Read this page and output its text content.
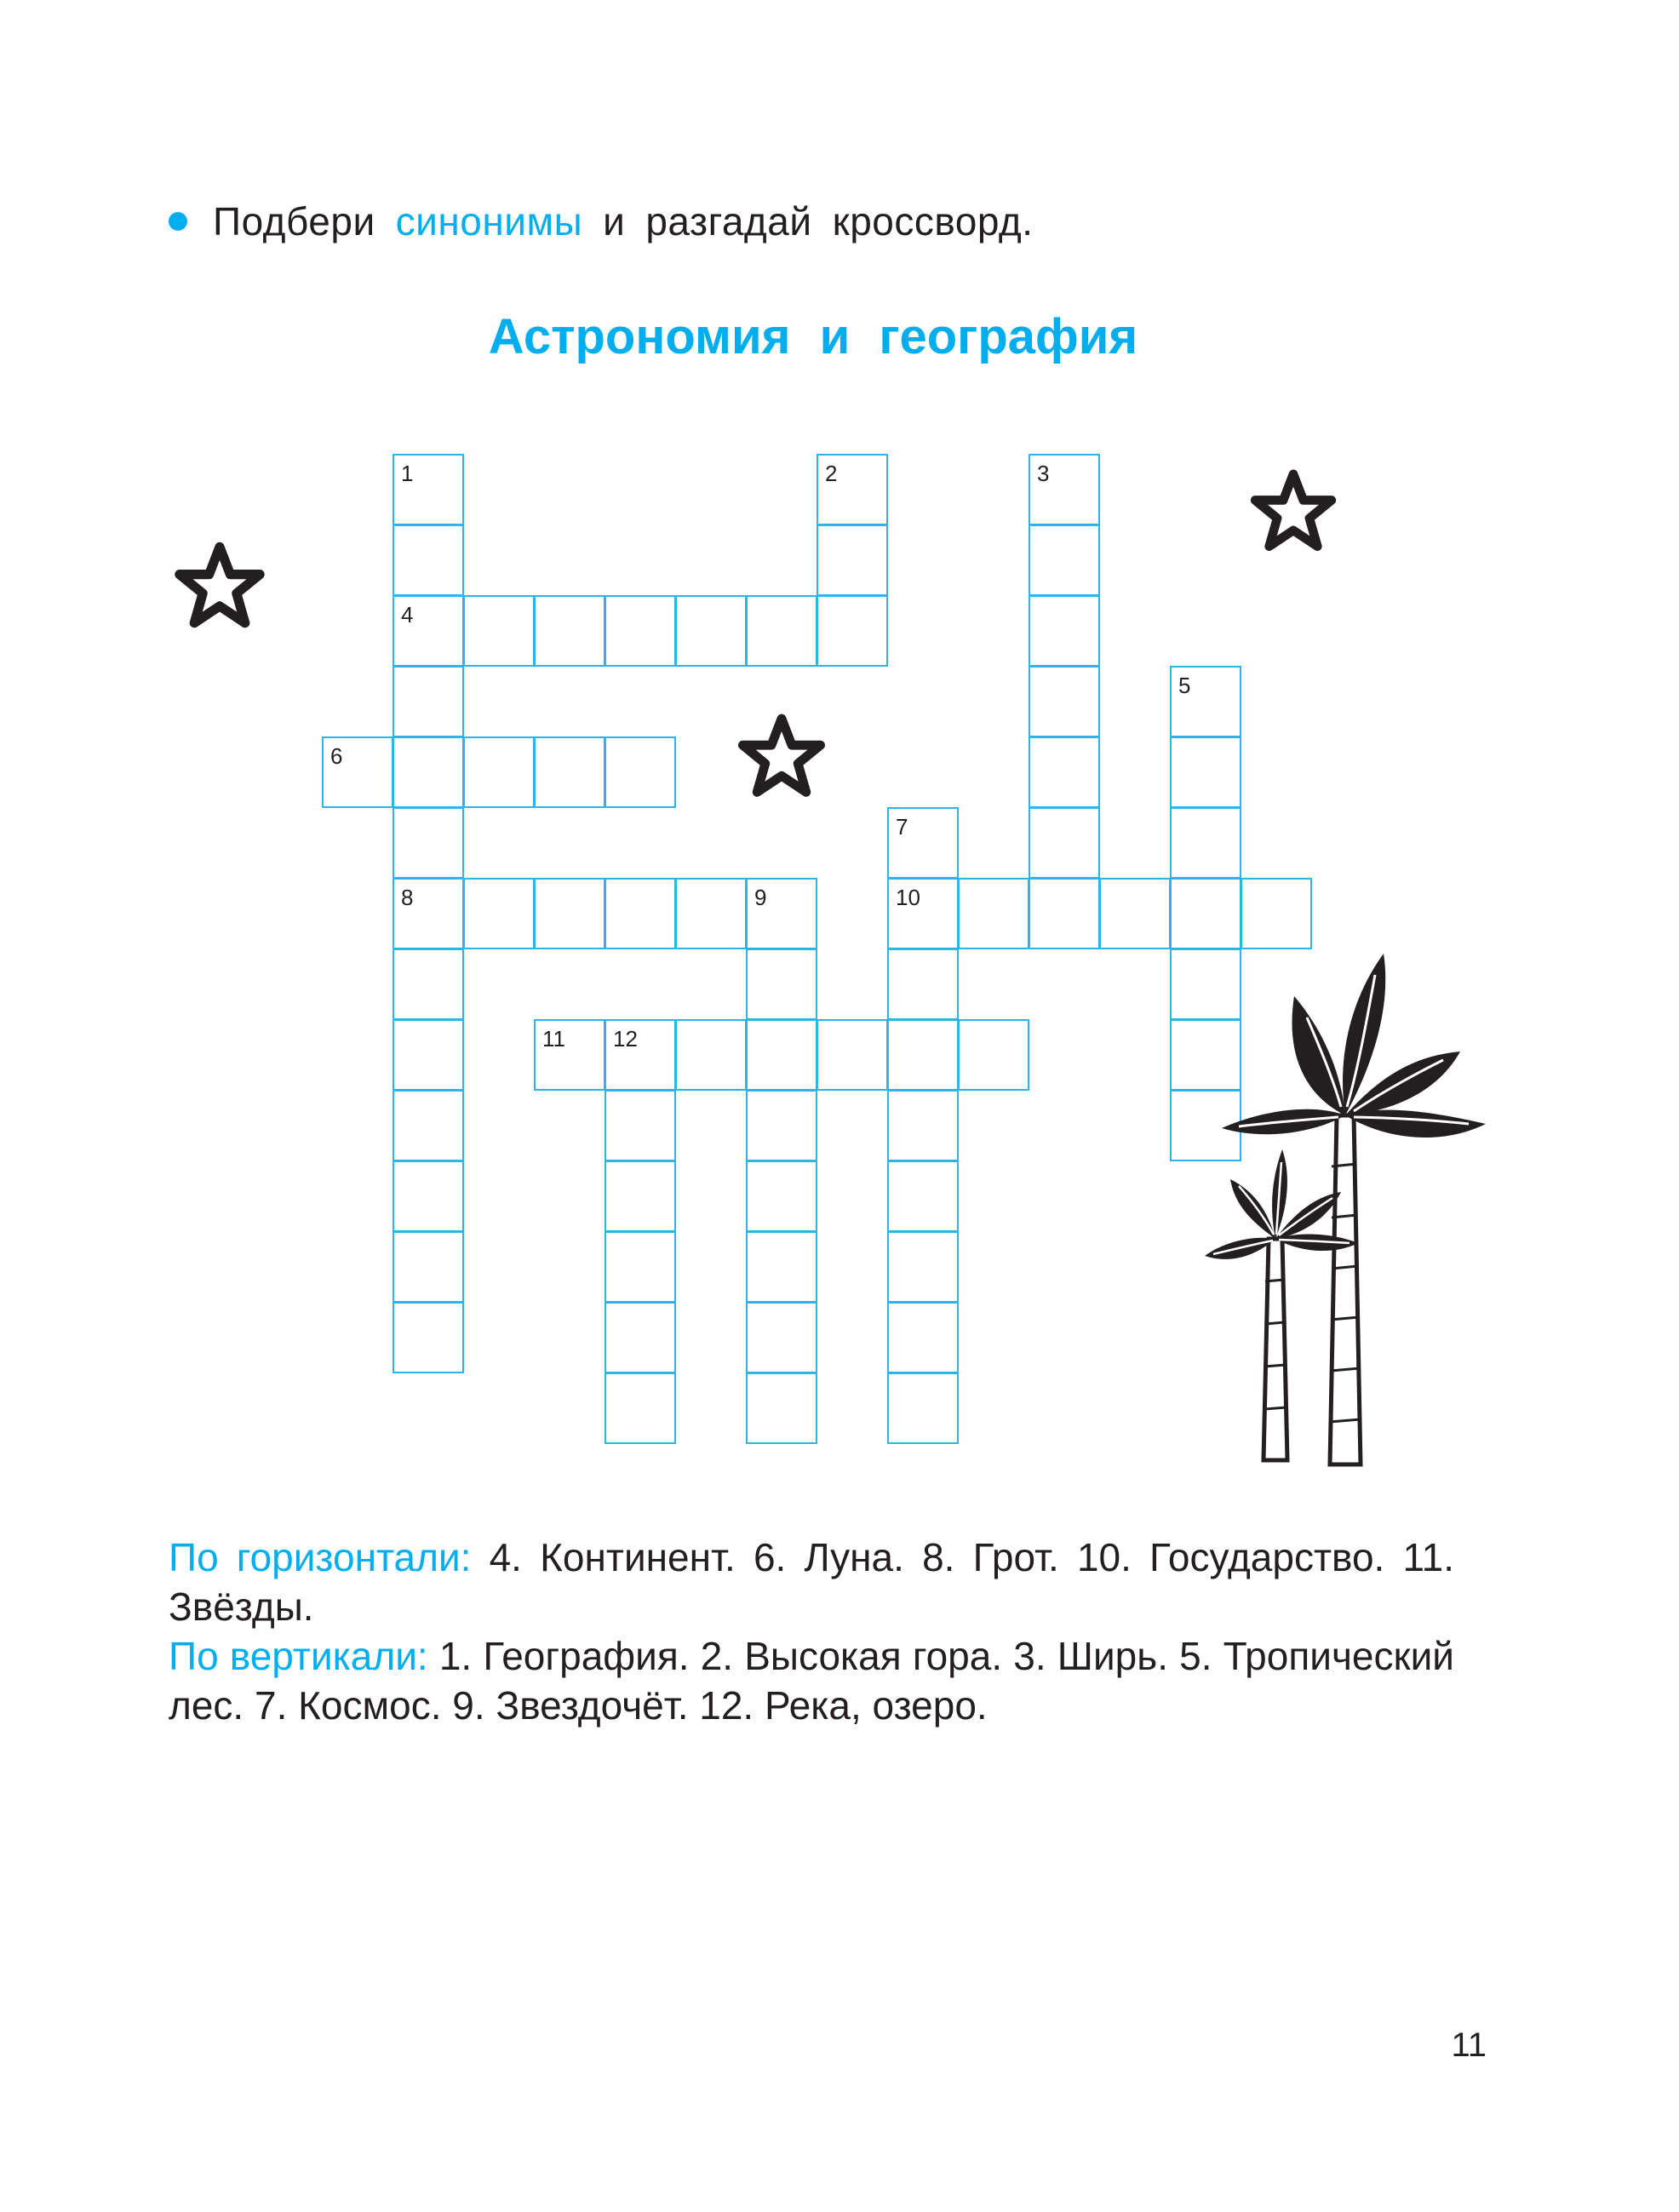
Подбери синонимы и разгадай кроссворд.
Астрономия и география
1
4
8
2	3
5
6
7
10
9
11 12

По горизонтали: 4. Континент. 6. Луна. 8. Грот. 10. Государство. 11. Звёзды.

По вертикали: 1. География. 2. Высокая гора. 3. Ширь. 5. Тропический лес. 7. Космос. 9. Звездочёт. 12. Река, озеро.

11
